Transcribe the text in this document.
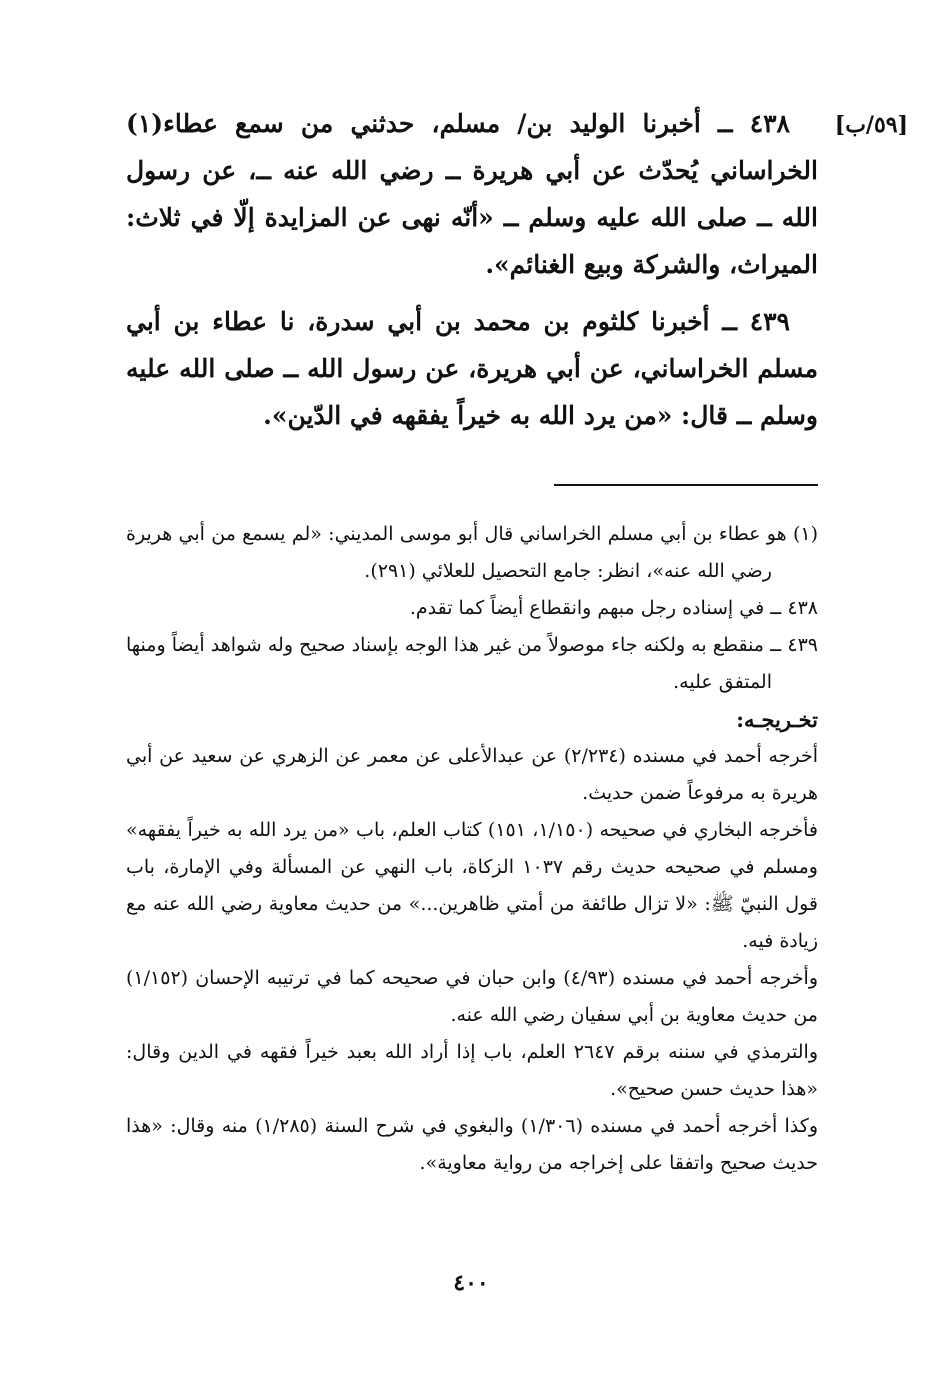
[٥٩/ب]

٤٣٨ ــ أخبرنا الوليد بن/ مسلم، حدثني من سمع عطاء(١) الخراساني يُحدّث عن أبي هريرة ــ رضي الله عنه ــ، عن رسول الله ــ صلى الله عليه وسلم ــ «أنّه نهى عن المزايدة إلّا في ثلاث: الميراث، والشركة وبيع الغنائم».

٤٣٩ ــ أخبرنا كلثوم بن محمد بن أبي سدرة، نا عطاء بن أبي مسلم الخراساني، عن أبي هريرة، عن رسول الله ــ صلى الله عليه وسلم ــ قال: «من يرد الله به خيراً يفقهه في الدّين».

(١) هو عطاء بن أبي مسلم الخراساني قال أبو موسى المديني: «لم يسمع من أبي هريرة رضي الله عنه»، انظر: جامع التحصيل للعلائي (٢٩١).

٤٣٨ ــ في إسناده رجل مبهم وانقطاع أيضاً كما تقدم.

٤٣٩ ــ منقطع به ولكنه جاء موصولاً من غير هذا الوجه بإسناد صحيح وله شواهد أيضاً ومنها المتفق عليه.

تخـريجـه:

أخرجه أحمد في مسنده (٢/٢٣٤) عن عبدالأعلى عن معمر عن الزهري عن سعيد عن أبي هريرة به مرفوعاً ضمن حديث.

فأخرجه البخاري في صحيحه (١/١٥٠، ١٥١) كتاب العلم، باب «من يرد الله به خيراً يفقهه» ومسلم في صحيحه حديث رقم ١٠٣٧ الزكاة، باب النهي عن المسألة وفي الإمارة، باب قول النبيّ ﷺ: «لا تزال طائفة من أمتي ظاهرين...» من حديث معاوية رضي الله عنه مع زيادة فيه.

وأخرجه أحمد في مسنده (٤/٩٣) وابن حبان في صحيحه كما في ترتيبه الإحسان (١/١٥٢) من حديث معاوية بن أبي سفيان رضي الله عنه.

والترمذي في سننه برقم ٢٦٤٧ العلم، باب إذا أراد الله بعبد خيراً فقهه في الدين وقال: «هذا حديث حسن صحيح».

وكذا أخرجه أحمد في مسنده (١/٣٠٦) والبغوي في شرح السنة (١/٢٨٥) منه وقال: «هذا حديث صحيح واتفقا على إخراجه من رواية معاوية».

٤٠٠
